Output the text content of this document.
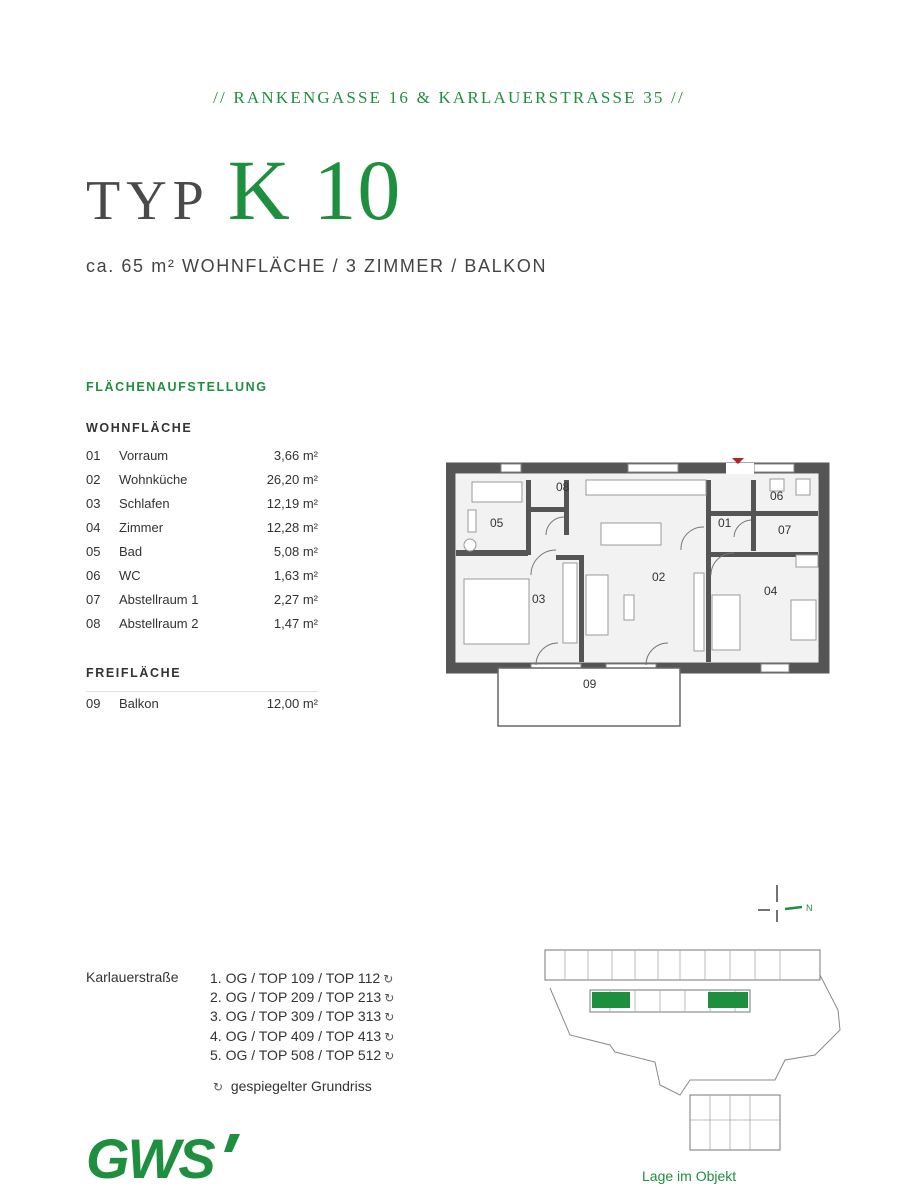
// RANKENGASSE 16 & KARLAUERSTRASSE 35 //
TYP K 10
ca. 65 m² WOHNFLÄCHE / 3 ZIMMER / BALKON
FLÄCHENAUFSTELLUNG
WOHNFLÄCHE
01 Vorraum	3,66 m²
02 Wohnküche	26,20 m²
03 Schlafen	12,19 m²
04 Zimmer	12,28 m²
05 Bad	5,08 m²
06 WC	1,63 m²
07 Abstellraum 1	2,27 m²
08 Abstellraum 2	1,47 m²
FREIFLÄCHE
09 Balkon	12,00 m²
05
08
01
06
07
02
03
04
09
Karlauerstraße 1. OG / TOP 109 / TOP 112 ↻
2. OG / TOP 209 / TOP 213 ↻
3. OG / TOP 309 / TOP 313 ↻
4. OG / TOP 409 / TOP 413 ↻
5. OG / TOP 508 / TOP 512 ↻
↻ gespiegelter Grundriss
GWS
N
Lage im Objekt
